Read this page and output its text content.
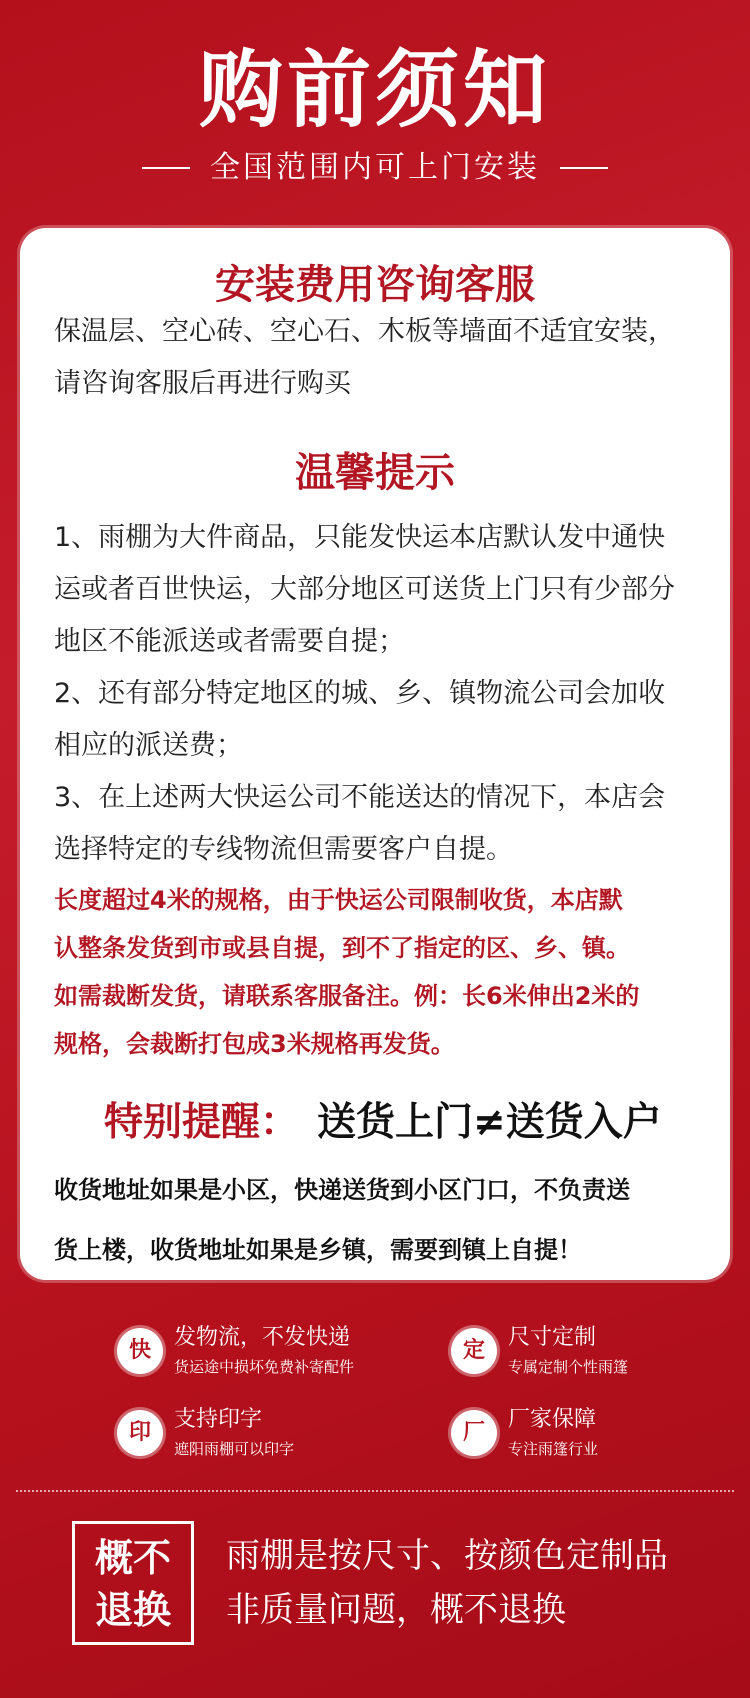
购前须知
全国范围内可上门安装
安装费用咨询客服
保温层、空心砖、空心石、木板等墙面不适宜安装，
请咨询客服后再进行购买
温馨提示
1、雨棚为大件商品，只能发快运本店默认发中通快
运或者百世快运，大部分地区可送货上门只有少部分
地区不能派送或者需要自提；
2、还有部分特定地区的城、乡、镇物流公司会加收
相应的派送费；
3、在上述两大快运公司不能送达的情况下，本店会
选择特定的专线物流但需要客户自提。
长度超过4米的规格，由于快运公司限制收货，本店默
认整条发货到市或县自提，到不了指定的区、乡、镇。
如需裁断发货，请联系客服备注。例：长6米伸出2米的
规格，会裁断打包成3米规格再发货。
特别提醒： 送货上门≠送货入户
收货地址如果是小区，快递送货到小区门口，不负责送
货上楼，收货地址如果是乡镇，需要到镇上自提！
快
发物流，不发快递
货运途中损坏免费补寄配件
定
尺寸定制
专属定制个性雨篷
印
支持印字
遮阳雨棚可以印字
厂
厂家保障
专注雨篷行业
概不
退换
雨棚是按尺寸、按颜色定制品
非质量问题，概不退换
